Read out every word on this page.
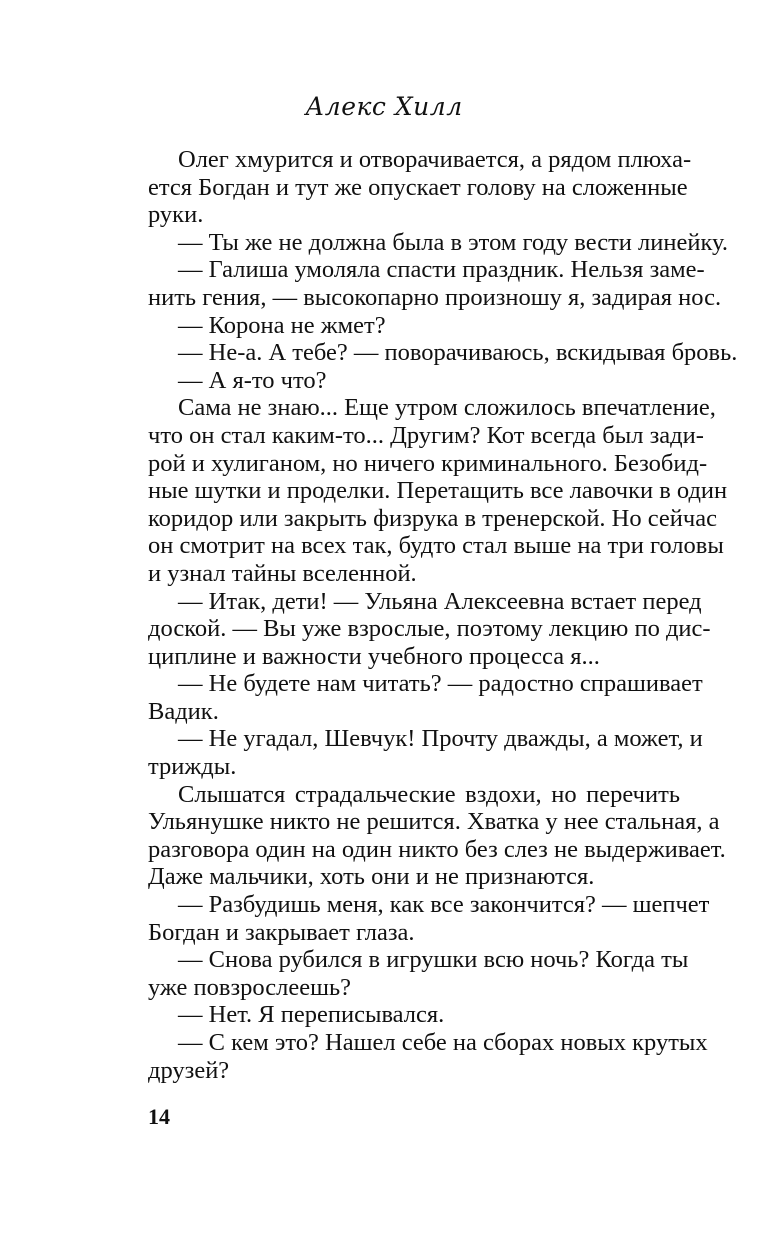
Алекс Хилл
Олег хмурится и отворачивается, а рядом плюха-
ется Богдан и тут же опускает голову на сложенные
руки.
— Ты же не должна была в этом году вести линейку.
— Галиша умоляла спасти праздник. Нельзя заме-
нить гения, — высокопарно произношу я, задирая нос.
— Корона не жмет?
— Не-а. А тебе? — поворачиваюсь, вскидывая бровь.
— А я-то что?
Сама не знаю... Еще утром сложилось впечатление,
что он стал каким-то... Другим? Кот всегда был зади-
рой и хулиганом, но ничего криминального. Безобид-
ные шутки и проделки. Перетащить все лавочки в один
коридор или закрыть физрука в тренерской. Но сейчас
он смотрит на всех так, будто стал выше на три головы
и узнал тайны вселенной.
— Итак, дети! — Ульяна Алексеевна встает перед
доской. — Вы уже взрослые, поэтому лекцию по дис-
циплине и важности учебного процесса я...
— Не будете нам читать? — радостно спрашивает
Вадик.
— Не угадал, Шевчук! Прочту дважды, а может, и
трижды.
Слышатся страдальческие вздохи, но перечить
Ульянушке никто не решится. Хватка у нее стальная, а
разговора один на один никто без слез не выдерживает.
Даже мальчики, хоть они и не признаются.
— Разбудишь меня, как все закончится? — шепчет
Богдан и закрывает глаза.
— Снова рубился в игрушки всю ночь? Когда ты
уже повзрослеешь?
— Нет. Я переписывался.
— С кем это? Нашел себе на сборах новых крутых
друзей?
14
